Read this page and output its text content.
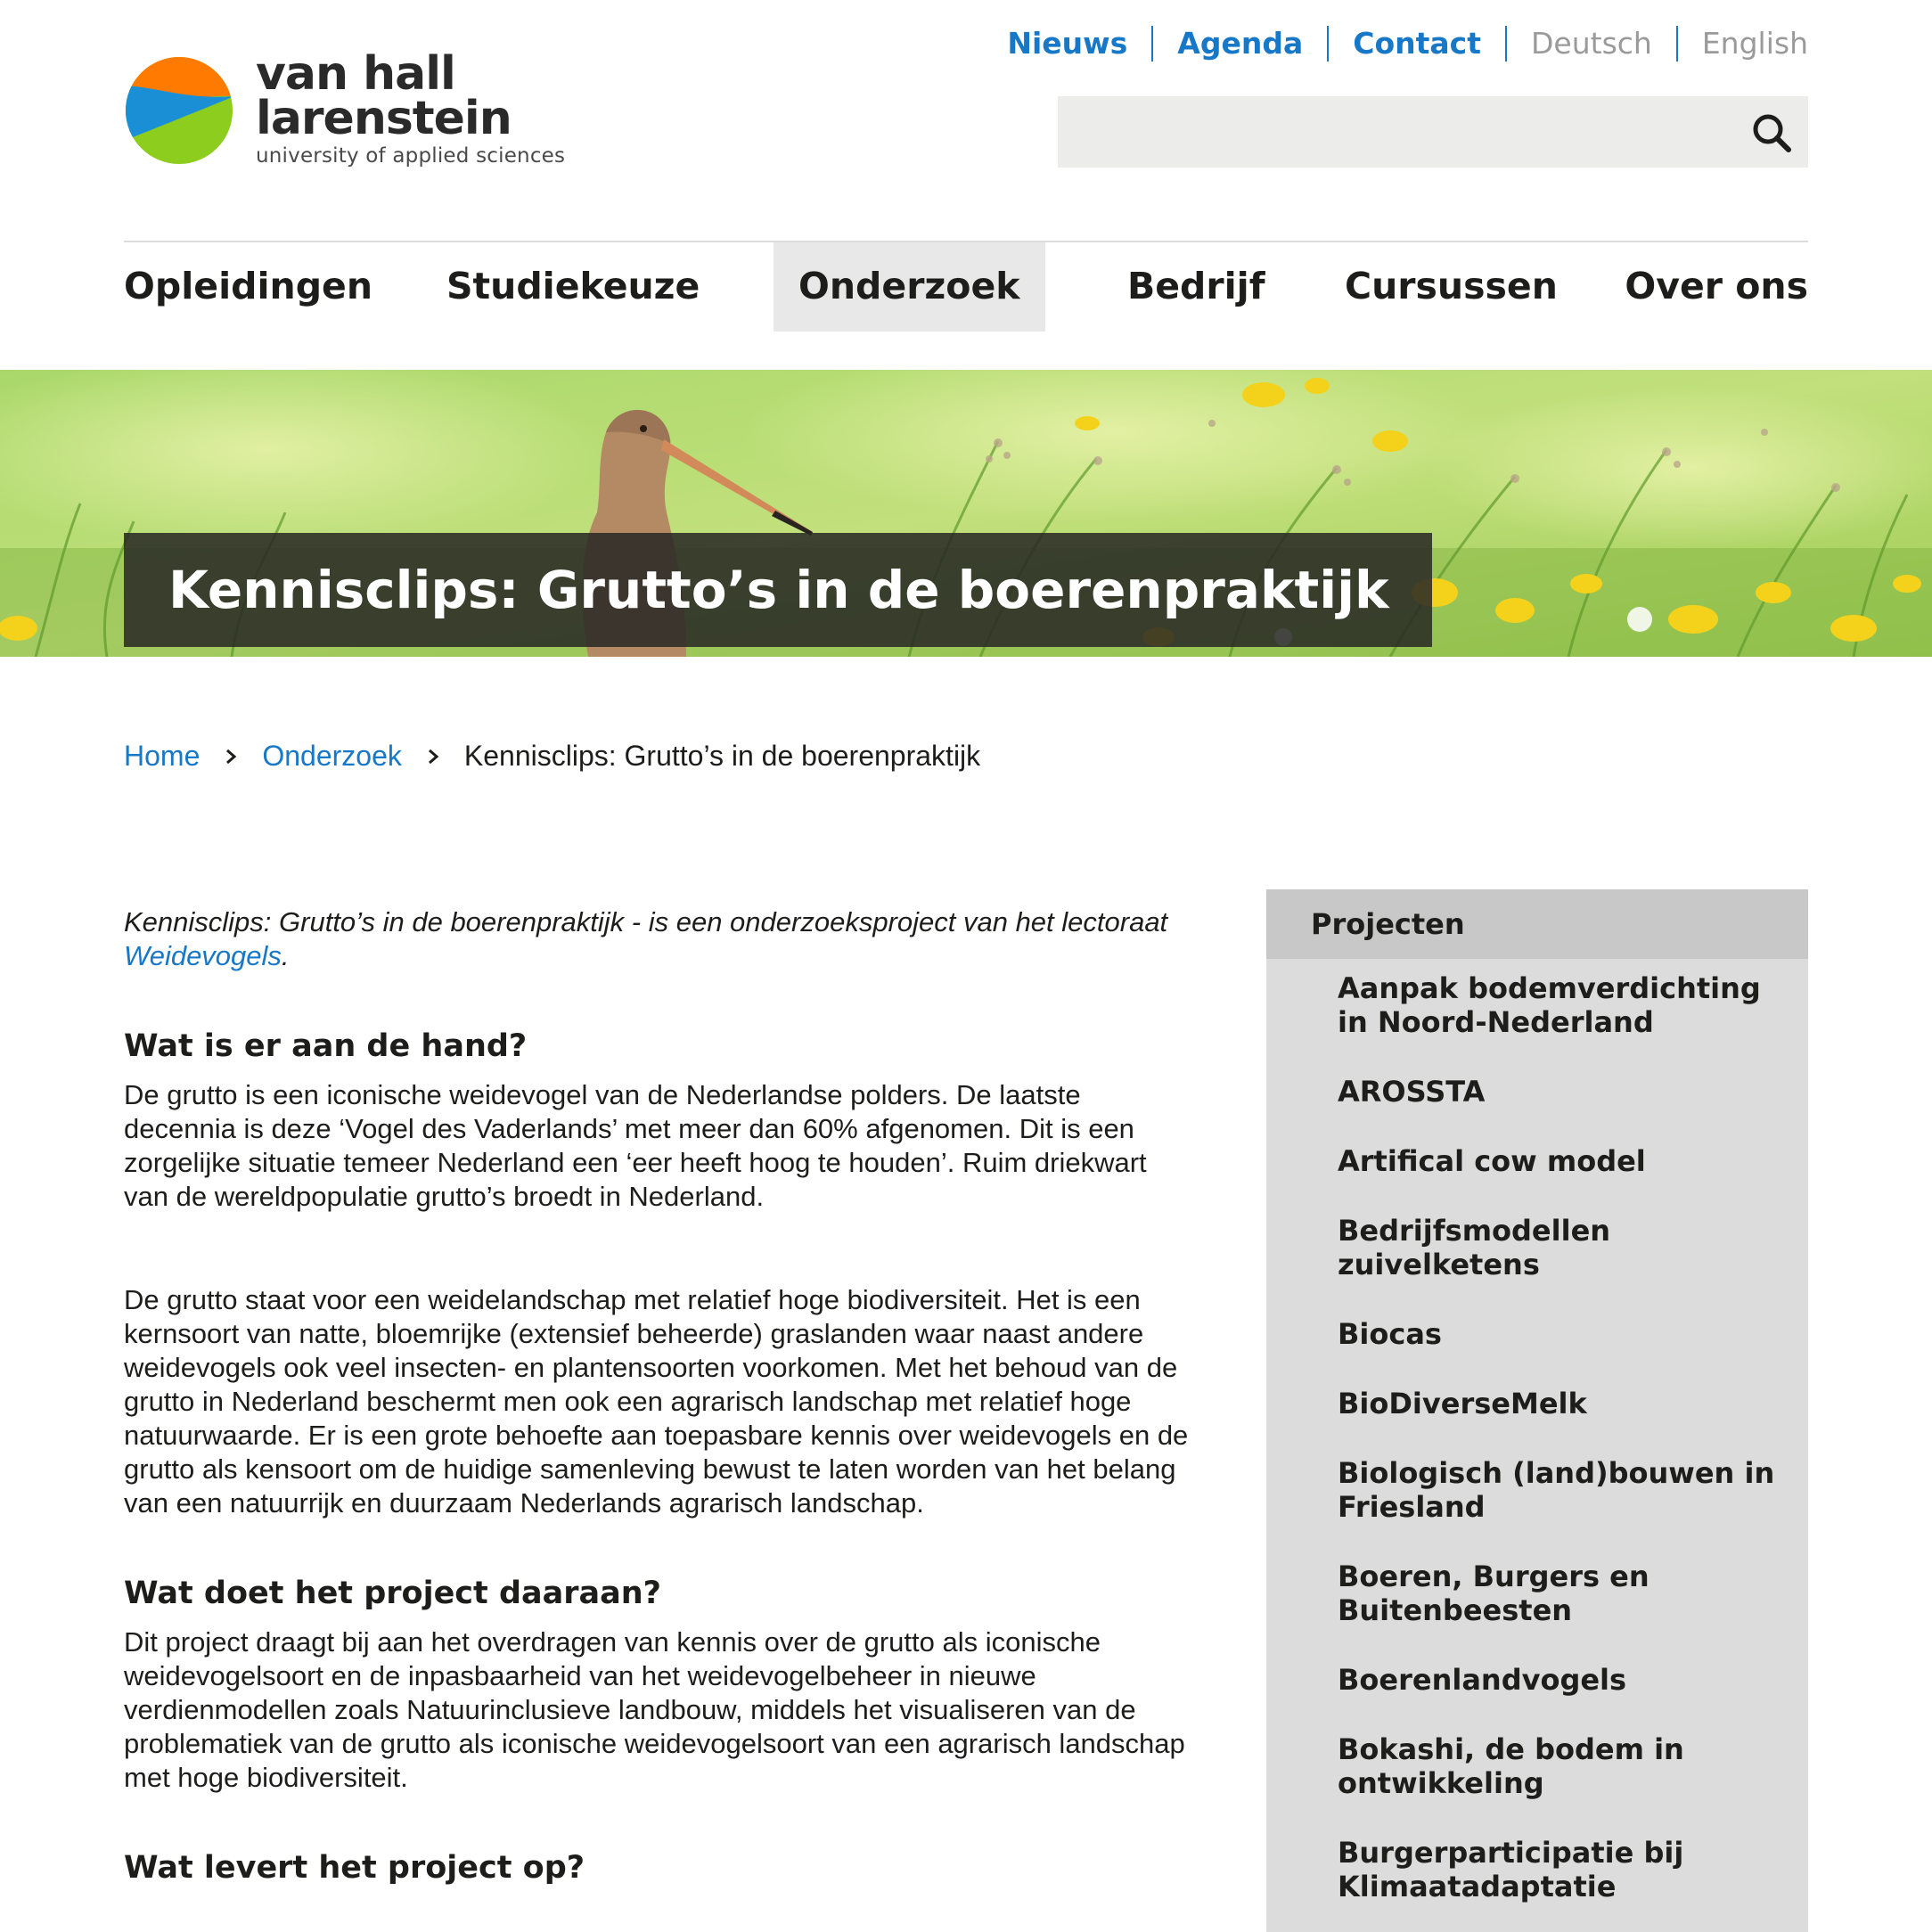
van hall
larenstein
university of applied sciences
Nieuws	Agenda	Contact	Deutsch	English
Opleidingen Studiekeuze	Onderzoek	Bedrijf Cursussen Over ons
Kennisclips: Grutto’s in de boerenpraktijk
Home Onderzoek Kennisclips: Grutto’s in de boerenpraktijk

Kennisclips: Grutto’s in de boerenpraktijk - is een onderzoeksproject van het lectoraat Weidevogels.

Wat is er aan de hand?

De grutto is een iconische weidevogel van de Nederlandse polders. De laatste decennia is deze ‘Vogel des Vaderlands’ met meer dan 60% afgenomen. Dit is een zorgelijke situatie temeer Nederland een ‘eer heeft hoog te houden’. Ruim driekwart van de wereldpopulatie grutto’s broedt in Nederland.

De grutto staat voor een weidelandschap met relatief hoge biodiversiteit. Het is een kernsoort van natte, bloemrijke (extensief beheerde) graslanden waar naast andere weidevogels ook veel insecten- en plantensoorten voorkomen. Met het behoud van de grutto in Nederland beschermt men ook een agrarisch landschap met relatief hoge natuurwaarde. Er is een grote behoefte aan toepasbare kennis over weidevogels en de grutto als kensoort om de huidige samenleving bewust te laten worden van het belang van een natuurrijk en duurzaam Nederlands agrarisch landschap.

Wat doet het project daaraan?

Dit project draagt bij aan het overdragen van kennis over de grutto als iconische weidevogelsoort en de inpasbaarheid van het weidevogelbeheer in nieuwe verdienmodellen zoals Natuurinclusieve landbouw, middels het visualiseren van de problematiek van de grutto als iconische weidevogelsoort van een agrarisch landschap met hoge biodiversiteit.

Wat levert het project op?
Projecten
Aanpak bodemverdichting in Noord-Nederland
AROSSTA
Artifical cow model
Bedrijfsmodellen zuivelketens
Biocas
BioDiverseMelk
Biologisch (land)bouwen in Friesland
Boeren, Burgers en Buitenbeesten
Boerenlandvogels
Bokashi, de bodem in ontwikkeling
Burgerparticipatie bij Klimaatadaptatie
